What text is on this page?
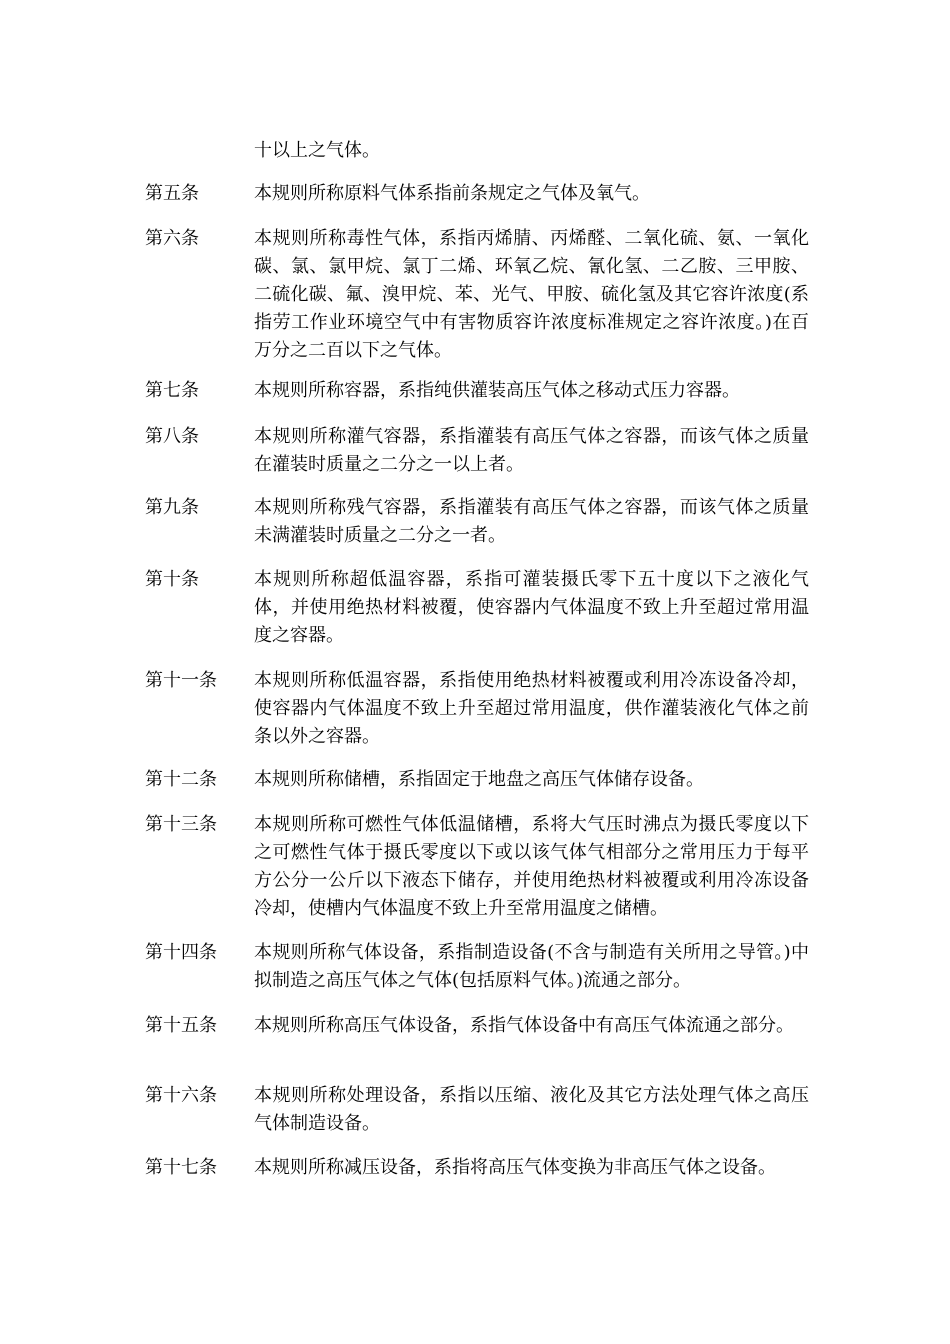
十以上之气体。
第五条	本规则所称原料气体系指前条规定之气体及氧气。
第六条	本规则所称毒性气体，系指丙烯腈、丙烯醛、二氧化硫、氨、一氧化碳、氯、氯甲烷、氯丁二烯、环氧乙烷、氰化氢、二乙胺、三甲胺、二硫化碳、氟、溴甲烷、苯、光气、甲胺、硫化氢及其它容许浓度(系指劳工作业环境空气中有害物质容许浓度标准规定之容许浓度。)在百万分之二百以下之气体。
第七条	本规则所称容器，系指纯供灌装高压气体之移动式压力容器。
第八条	本规则所称灌气容器，系指灌装有高压气体之容器，而该气体之质量在灌装时质量之二分之一以上者。
第九条	本规则所称残气容器，系指灌装有高压气体之容器，而该气体之质量未满灌装时质量之二分之一者。
第十条	本规则所称超低温容器，系指可灌装摄氏零下五十度以下之液化气体，并使用绝热材料被覆，使容器内气体温度不致上升至超过常用温度之容器。
第十一条	本规则所称低温容器，系指使用绝热材料被覆或利用冷冻设备冷却，使容器内气体温度不致上升至超过常用温度，供作灌装液化气体之前条以外之容器。
第十二条	本规则所称储槽，系指固定于地盘之高压气体储存设备。
第十三条	本规则所称可燃性气体低温储槽，系将大气压时沸点为摄氏零度以下之可燃性气体于摄氏零度以下或以该气体气相部分之常用压力于每平方公分一公斤以下液态下储存，并使用绝热材料被覆或利用冷冻设备冷却，使槽内气体温度不致上升至常用温度之储槽。
第十四条	本规则所称气体设备，系指制造设备(不含与制造有关所用之导管。)中拟制造之高压气体之气体(包括原料气体。)流通之部分。
第十五条	本规则所称高压气体设备，系指气体设备中有高压气体流通之部分。
第十六条	本规则所称处理设备，系指以压缩、液化及其它方法处理气体之高压气体制造设备。
第十七条	本规则所称减压设备，系指将高压气体变换为非高压气体之设备。
